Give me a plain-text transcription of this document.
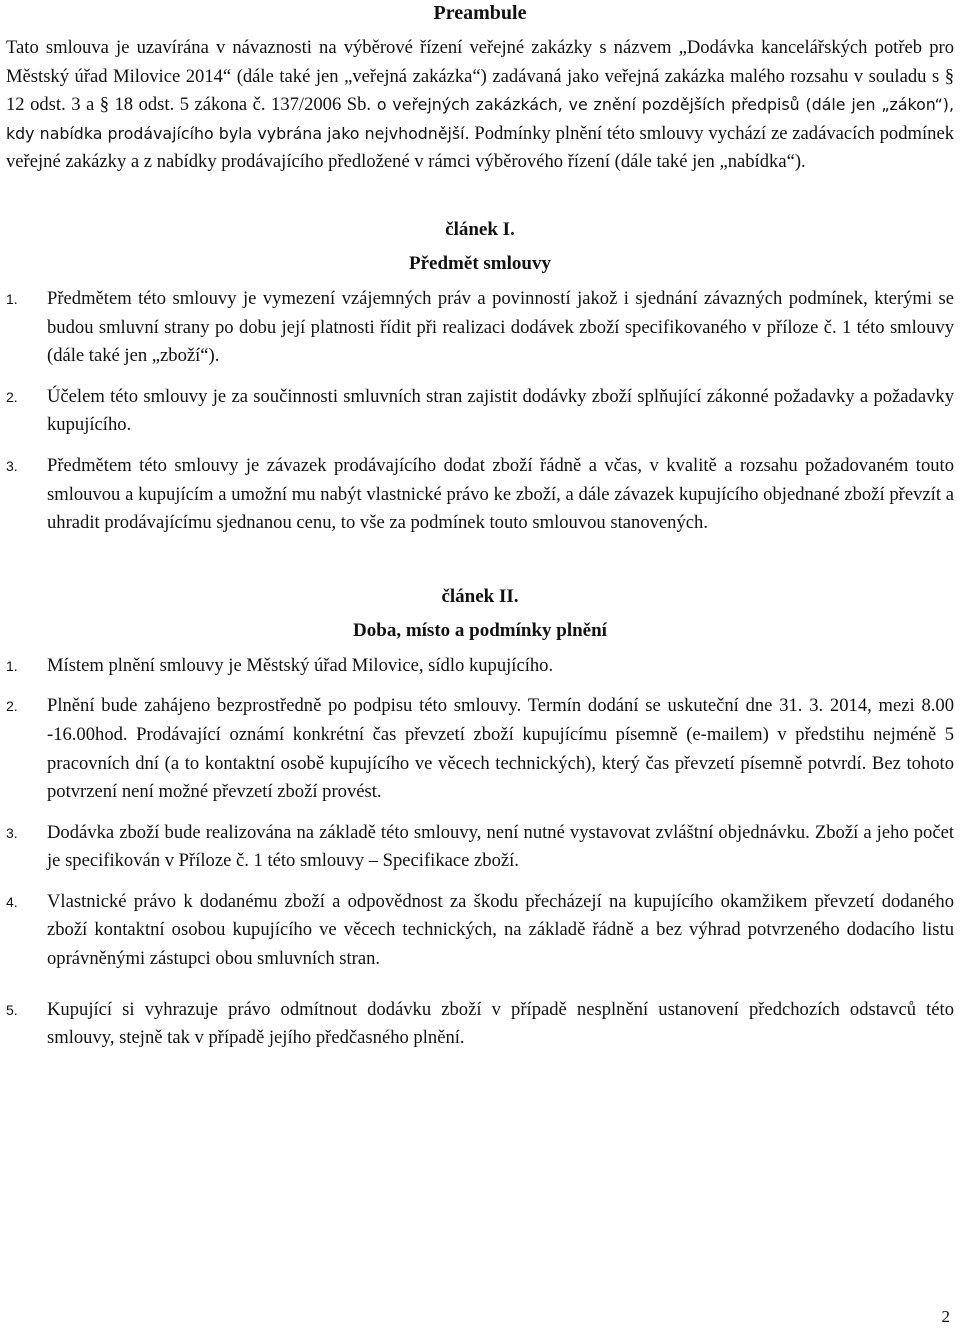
Preambule

Tato smlouva je uzavírána v návaznosti na výběrové řízení veřejné zakázky s názvem „Dodávka kancelářských potřeb pro Městský úřad Milovice 2014“ (dále také jen „veřejná zakázka“) zadávaná jako veřejná zakázka malého rozsahu v souladu s § 12 odst. 3 a § 18 odst. 5 zákona č. 137/2006 Sb. o veřejných zakázkách, ve znění pozdějších předpisů (dále jen „zákon“), kdy nabídka prodávajícího byla vybrána jako nejvhodnější. Podmínky plnění této smlouvy vychází ze zadávacích podmínek veřejné zakázky a z nabídky prodávajícího předložené v rámci výběrového řízení (dále také jen „nabídka“).

článek I.
Předmět smlouvy
1.	Předmětem této smlouvy je vymezení vzájemných práv a povinností jakož i sjednání závazných podmínek, kterými se budou smluvní strany po dobu její platnosti řídit při realizaci dodávek zboží specifikovaného v příloze č. 1 této smlouvy (dále také jen „zboží“).
2.	Účelem této smlouvy je za součinnosti smluvních stran zajistit dodávky zboží splňující zákonné požadavky a požadavky kupujícího.
3.	Předmětem této smlouvy je závazek prodávajícího dodat zboží řádně a včas, v kvalitě a rozsahu požadovaném touto smlouvou a kupujícím a umožní mu nabýt vlastnické právo ke zboží, a dále závazek kupujícího objednané zboží převzít a uhradit prodávajícímu sjednanou cenu, to vše za podmínek touto smlouvou stanovených.
článek II.
Doba, místo a podmínky plnění
1.	Místem plnění smlouvy je Městský úřad Milovice, sídlo kupujícího.
2.	Plnění bude zahájeno bezprostředně po podpisu této smlouvy. Termín dodání se uskuteční dne 31. 3. 2014, mezi 8.00 -16.00hod. Prodávající oznámí konkrétní čas převzetí zboží kupujícímu písemně (e-mailem) v předstihu nejméně 5 pracovních dní (a to kontaktní osobě kupujícího ve věcech technických), který čas převzetí písemně potvrdí. Bez tohoto potvrzení není možné převzetí zboží provést.
3.	Dodávka zboží bude realizována na základě této smlouvy, není nutné vystavovat zvláštní objednávku. Zboží a jeho počet je specifikován v Příloze č. 1 této smlouvy – Specifikace zboží.
4.	Vlastnické právo k dodanému zboží a odpovědnost za škodu přecházejí na kupujícího okamžikem převzetí dodaného zboží kontaktní osobou kupujícího ve věcech technických, na základě řádně a bez výhrad potvrzeného dodacího listu oprávněnými zástupci obou smluvních stran.
5.	Kupující si vyhrazuje právo odmítnout dodávku zboží v případě nesplnění ustanovení předchozích odstavců této smlouvy, stejně tak v případě jejího předčasného plnění.
2
